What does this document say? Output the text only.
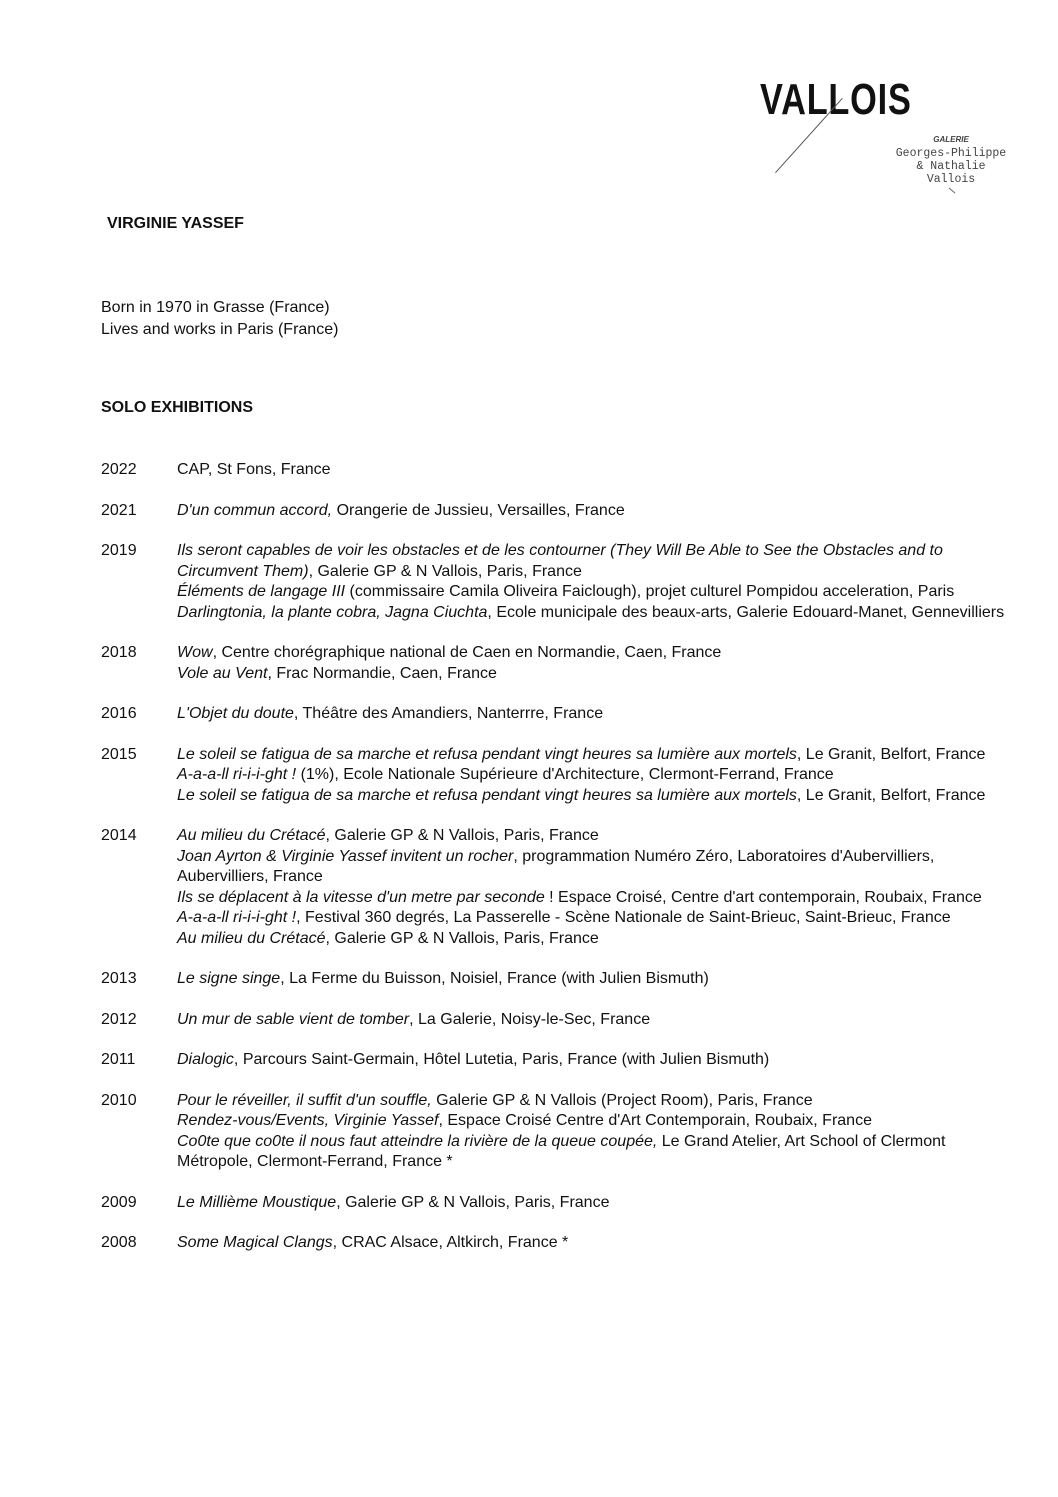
VALLOIS
GALERIE
Georges-Philippe
& Nathalie
Vallois
VIRGINIE YASSEF
Born in 1970 in Grasse (France)
Lives and works in Paris (France)
SOLO EXHIBITIONS
2022	CAP, St Fons, France
2021	D'un commun accord, Orangerie de Jussieu, Versailles, France
2019	Ils seront capables de voir les obstacles et de les contourner (They Will Be Able to See the Obstacles and to Circumvent Them), Galerie GP & N Vallois, Paris, France
Éléments de langage III (commissaire Camila Oliveira Faiclough), projet culturel Pompidou acceleration, Paris
Darlingtonia, la plante cobra, Jagna Ciuchta, Ecole municipale des beaux-arts, Galerie Edouard-Manet, Gennevilliers
2018	Wow, Centre chorégraphique national de Caen en Normandie, Caen, France
Vole au Vent, Frac Normandie, Caen, France
2016	L'Objet du doute, Théâtre des Amandiers, Nanterrre, France
2015	Le soleil se fatigua de sa marche et refusa pendant vingt heures sa lumière aux mortels, Le Granit, Belfort, France
A-a-a-ll ri-i-i-ght ! (1%), Ecole Nationale Supérieure d'Architecture, Clermont-Ferrand, France
Le soleil se fatigua de sa marche et refusa pendant vingt heures sa lumière aux mortels, Le Granit, Belfort, France
2014	Au milieu du Crétacé, Galerie GP & N Vallois, Paris, France
Joan Ayrton & Virginie Yassef invitent un rocher, programmation Numéro Zéro, Laboratoires d'Aubervilliers, Aubervilliers, France
Ils se déplacent à la vitesse d'un metre par seconde ! Espace Croisé, Centre d'art contemporain, Roubaix, France
A-a-a-ll ri-i-i-ght !, Festival 360 degrés, La Passerelle - Scène Nationale de Saint-Brieuc, Saint-Brieuc, France
Au milieu du Crétacé, Galerie GP & N Vallois, Paris, France
2013	Le signe singe, La Ferme du Buisson, Noisiel, France (with Julien Bismuth)
2012	Un mur de sable vient de tomber, La Galerie, Noisy-le-Sec, France
2011	Dialogic, Parcours Saint-Germain, Hôtel Lutetia, Paris, France (with Julien Bismuth)
2010	Pour le réveiller, il suffit d'un souffle, Galerie GP & N Vallois (Project Room), Paris, France
Rendez-vous/Events, Virginie Yassef, Espace Croisé Centre d'Art Contemporain, Roubaix, France
Co0te que co0te il nous faut atteindre la rivière de la queue coupée, Le Grand Atelier, Art School of Clermont Métropole, Clermont-Ferrand, France *
2009	Le Millième Moustique, Galerie GP & N Vallois, Paris, France
2008	Some Magical Clangs, CRAC Alsace, Altkirch, France *
